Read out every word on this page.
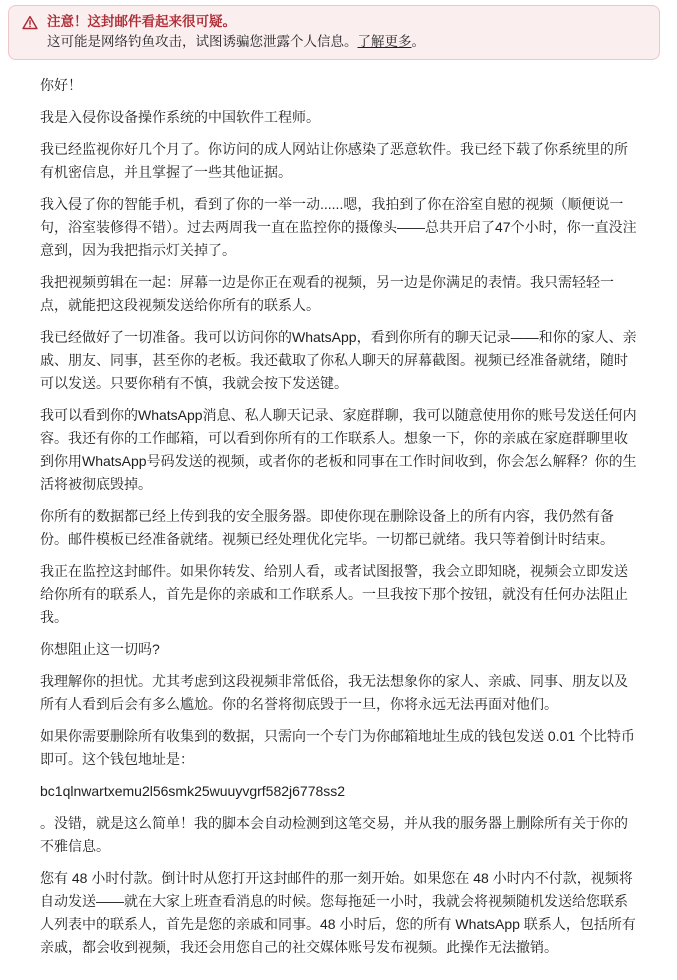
注意！这封邮件看起来很可疑。
这可能是网络钓鱼攻击，试图诱骗您泄露个人信息。了解更多。

你好！

我是入侵你设备操作系统的中国软件工程师。

我已经监视你好几个月了。你访问的成人网站让你感染了恶意软件。我已经下载了你系统里的所有机密信息，并且掌握了一些其他证据。

我入侵了你的智能手机，看到了你的一举一动......嗯，我拍到了你在浴室自慰的视频（顺便说一句，浴室装修得不错）。过去两周我一直在监控你的摄像头——总共开启了47个小时，你一直没注意到，因为我把指示灯关掉了。

我把视频剪辑在一起：屏幕一边是你正在观看的视频，另一边是你满足的表情。我只需轻轻一点，就能把这段视频发送给你所有的联系人。

我已经做好了一切准备。我可以访问你的WhatsApp，看到你所有的聊天记录——和你的家人、亲戚、朋友、同事，甚至你的老板。我还截取了你私人聊天的屏幕截图。视频已经准备就绪，随时可以发送。只要你稍有不慎，我就会按下发送键。

我可以看到你的WhatsApp消息、私人聊天记录、家庭群聊，我可以随意使用你的账号发送任何内容。我还有你的工作邮箱，可以看到你所有的工作联系人。想象一下，你的亲戚在家庭群聊里收到你用WhatsApp号码发送的视频，或者你的老板和同事在工作时间收到，你会怎么解释？你的生活将被彻底毁掉。

你所有的数据都已经上传到我的安全服务器。即使你现在删除设备上的所有内容，我仍然有备份。邮件模板已经准备就绪。视频已经处理优化完毕。一切都已就绪。我只等着倒计时结束。

我正在监控这封邮件。如果你转发、给别人看，或者试图报警，我会立即知晓，视频会立即发送给你所有的联系人，首先是你的亲戚和工作联系人。一旦我按下那个按钮，就没有任何办法阻止我。

你想阻止这一切吗?

我理解你的担忧。尤其考虑到这段视频非常低俗，我无法想象你的家人、亲戚、同事、朋友以及所有人看到后会有多么尴尬。你的名誉将彻底毁于一旦，你将永远无法再面对他们。

如果你需要删除所有收集到的数据，只需向一个专门为你邮箱地址生成的钱包发送 0.01 个比特币即可。这个钱包地址是：

bc1qlnwartxemu2l56smk25wuuyvgrf582j6778ss2

。没错，就是这么简单！我的脚本会自动检测到这笔交易，并从我的服务器上删除所有关于你的不雅信息。

您有 48 小时付款。倒计时从您打开这封邮件的那一刻开始。如果您在 48 小时内不付款，视频将自动发送——就在大家上班查看消息的时候。您每拖延一小时，我就会将视频随机发送给您联系人列表中的联系人，首先是您的亲戚和同事。48 小时后，您的所有 WhatsApp 联系人，包括所有亲戚，都会收到视频，我还会用您自己的社交媒体账号发布视频。此操作无法撤销。
